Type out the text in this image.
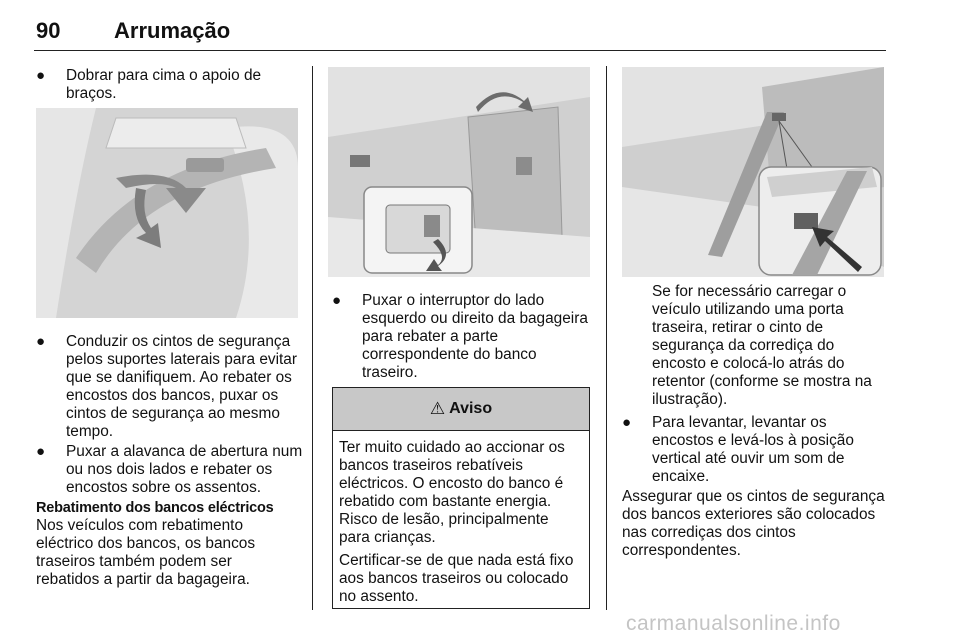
90 Arrumação
● Dobrar para cima o apoio de braços.
● Conduzir os cintos de segurança pelos suportes laterais para evitar que se danifiquem. Ao rebater os encostos dos bancos, puxar os cintos de segurança ao mesmo tempo.
● Puxar a alavanca de abertura num ou nos dois lados e rebater os encostos sobre os assentos.
Rebatimento dos bancos eléctricos
Nos veículos com rebatimento eléctrico dos bancos, os bancos traseiros também podem ser rebatidos a partir da bagageira.
● Puxar o interruptor do lado esquerdo ou direito da bagageira para rebater a parte correspondente do banco traseiro.
⚠ Aviso

Ter muito cuidado ao accionar os bancos traseiros rebatíveis eléctricos. O encosto do banco é rebatido com bastante energia. Risco de lesão, principalmente para crianças.

Certificar-se de que nada está fixo aos bancos traseiros ou colocado no assento.

Se for necessário carregar o veículo utilizando uma porta traseira, retirar o cinto de segurança da corrediça do encosto e colocá-lo atrás do retentor (conforme se mostra na ilustração).
● Para levantar, levantar os encostos e levá-los à posição vertical até ouvir um som de encaixe.
Assegurar que os cintos de segurança dos bancos exteriores são colocados nas corrediças dos cintos correspondentes.
carmanualsonline.info
